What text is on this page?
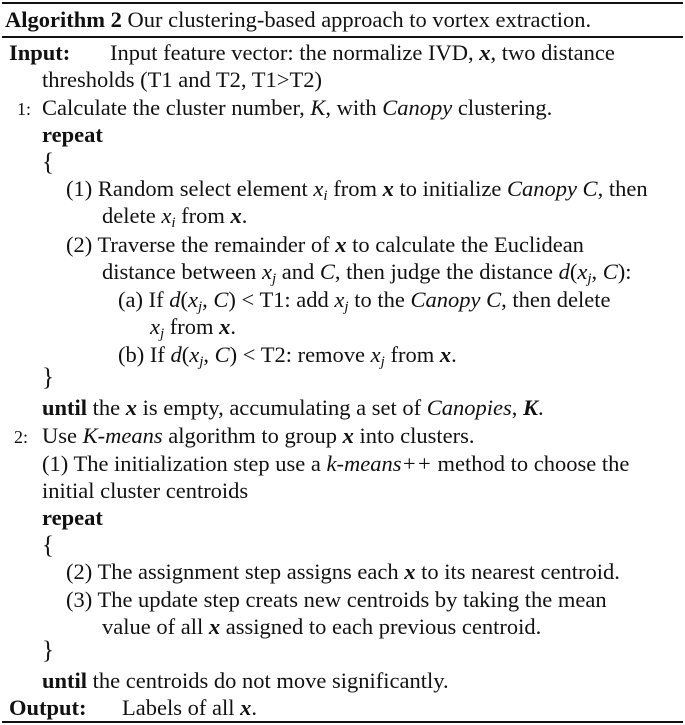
Algorithm 2 Our clustering-based approach to vortex extraction.
Input: Input feature vector: the normalize IVD, x, two distance
thresholds (T1 and T2, T1>T2)
1: Calculate the cluster number, K, with Canopy clustering.
repeat
{
(1) Random select element $x_i$ from x to initialize Canopy C, then
delete $x_i$ from x.
(2) Traverse the remainder of x to calculate the Euclidean
distance between $x_j$ and C, then judge the distance $d(x_j$, C):
(a) If $d(x_j$, C) < T1: add $x_j$ to the Canopy C, then delete
$x_j$ from x.
(b) If $d(x_j$, C) < T2: remove $x_j$ from x.
}
until the x is empty, accumulating a set of Canopies, K.
2: Use K-means algorithm to group x into clusters.
(1) The initialization step use a k-means++ method to choose the
initial cluster centroids
repeat
{
(2) The assignment step assigns each x to its nearest centroid.
(3) The update step creats new centroids by taking the mean
value of all x assigned to each previous centroid.
}
until the centroids do not move significantly.
Output: Labels of all x.
